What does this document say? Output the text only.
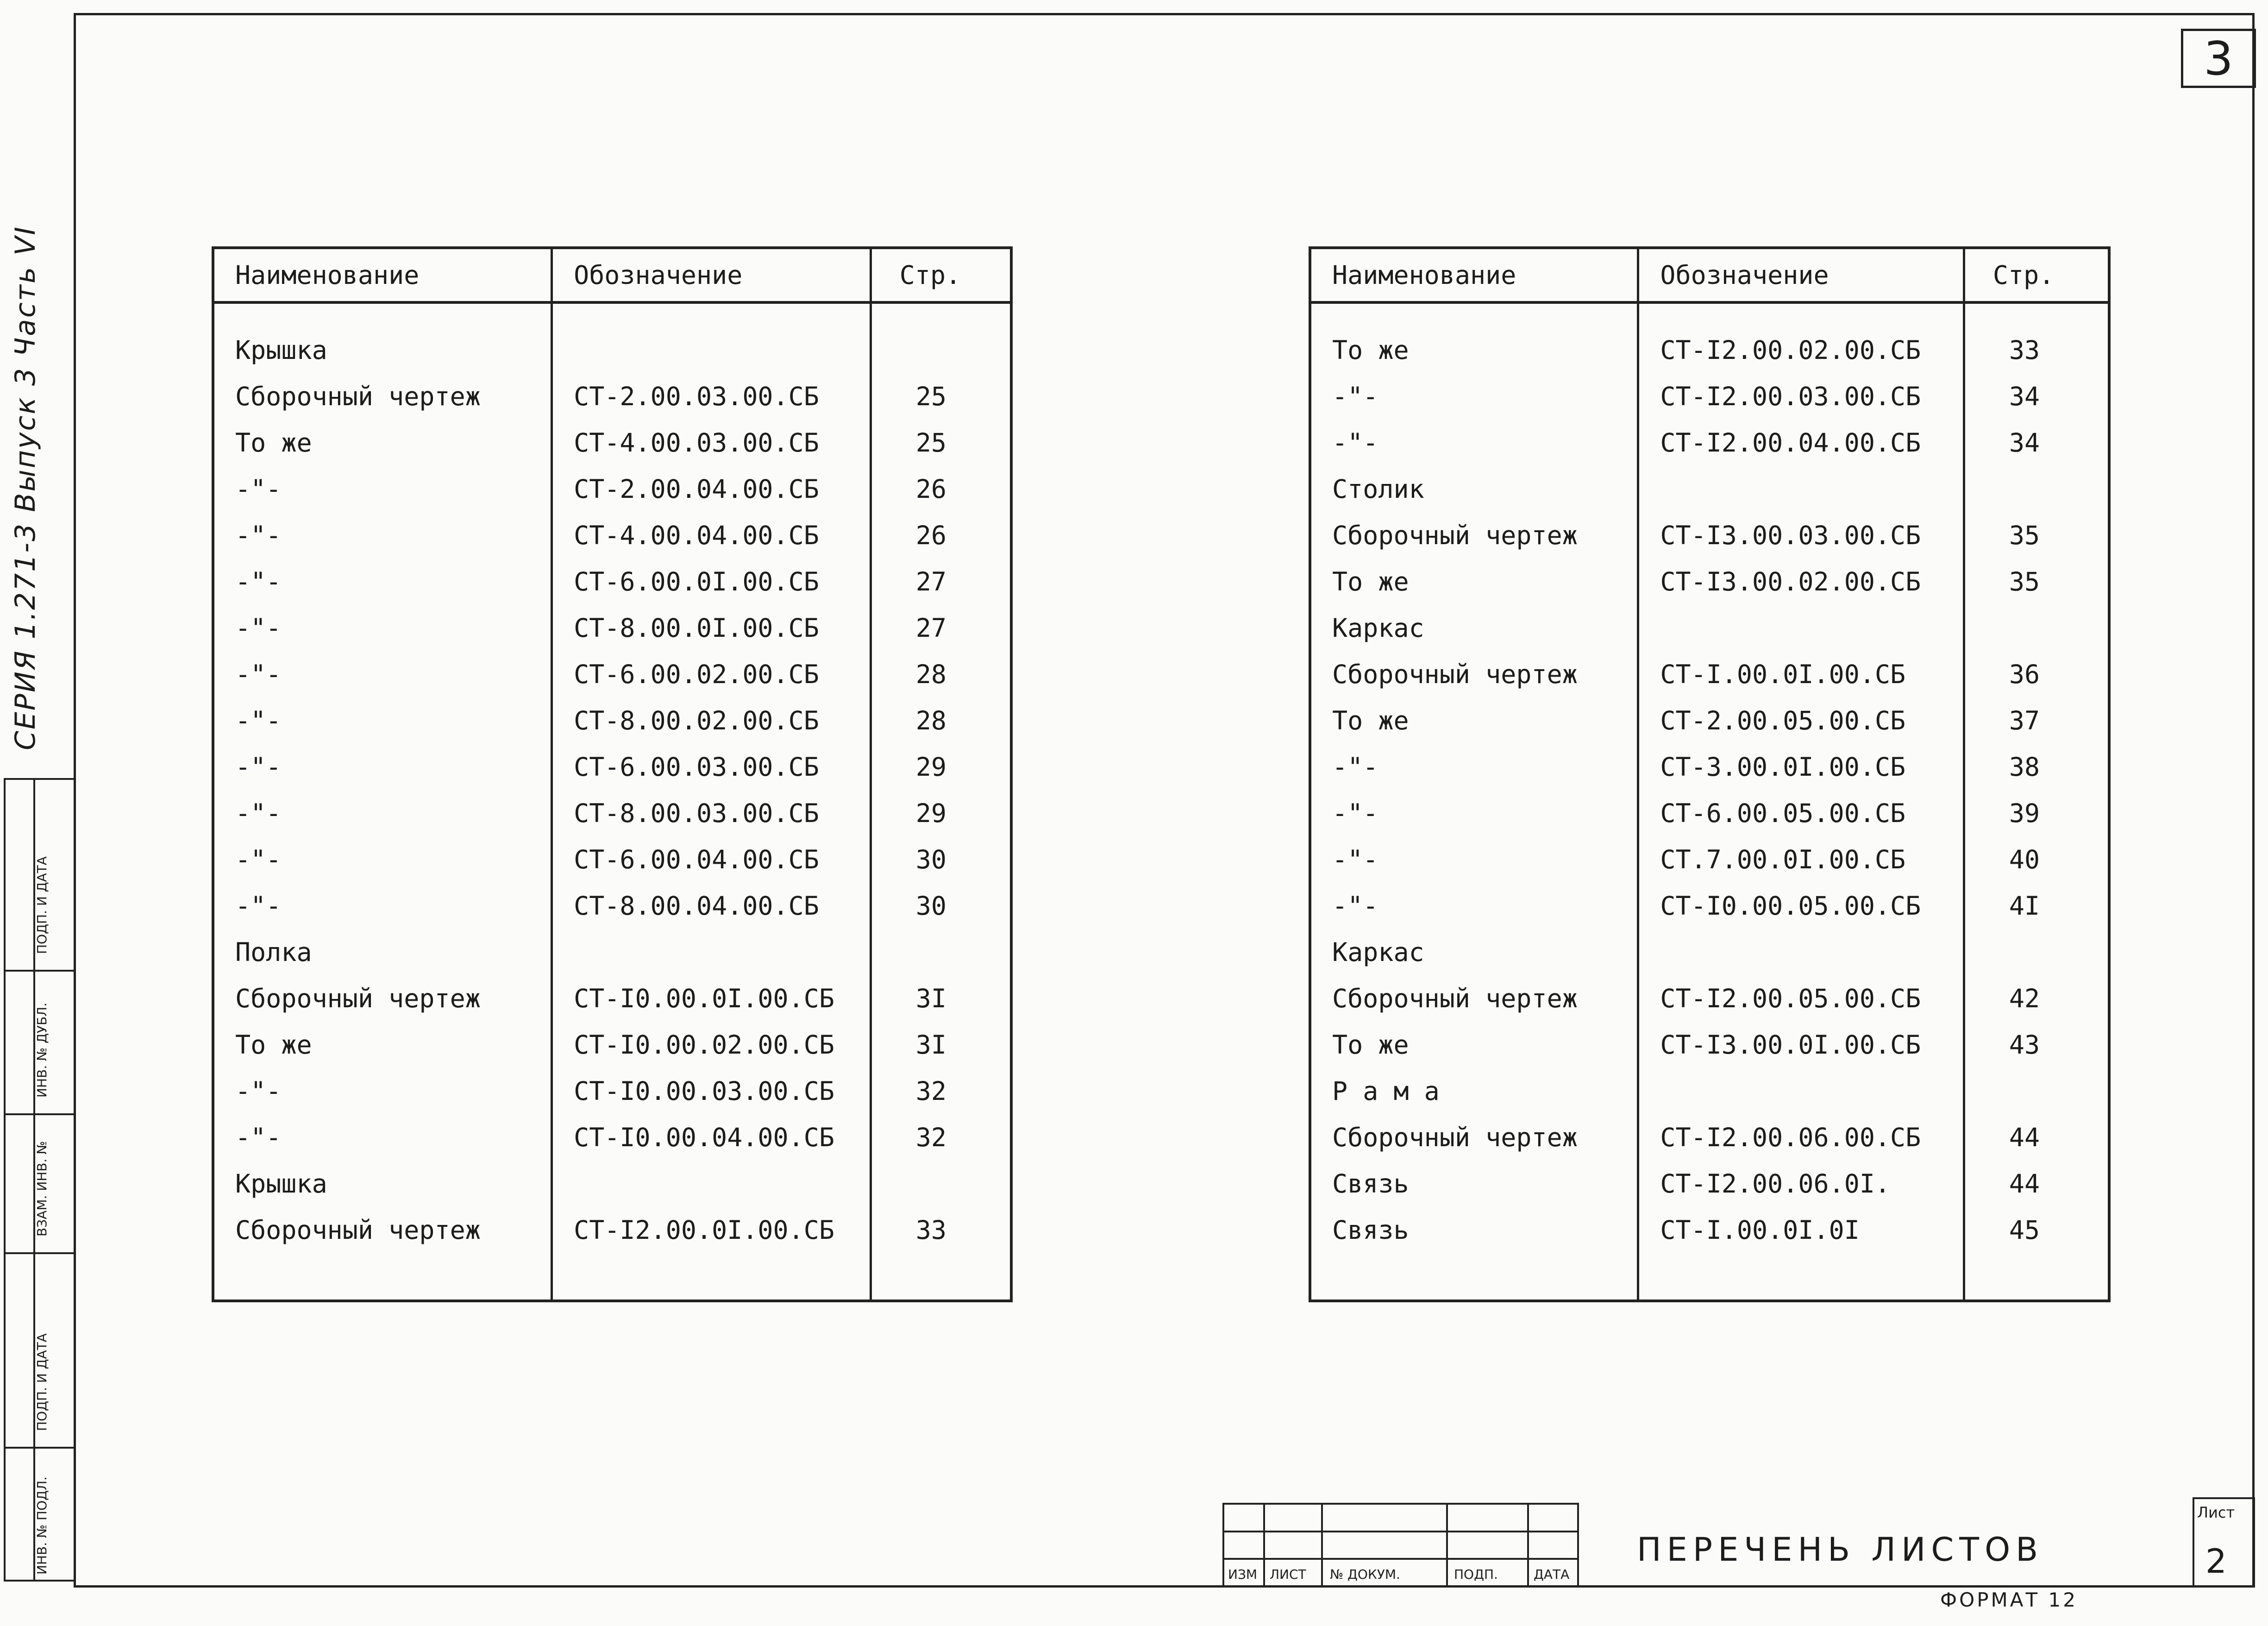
3
СЕРИЯ 1.271-3 Выпуск 3 Часть VI
ПОДП. И ДАТА
ИНВ. № ДУБЛ.
ВЗАМ. ИНВ. №
ПОДП. И ДАТА
ИНВ. № ПОДЛ.
Наименование	Обозначение	Стр.

Крышка		
Сборочный чертеж	СТ-2.00.03.00.СБ	25
То же	СТ-4.00.03.00.СБ	25
-"-	СТ-2.00.04.00.СБ	26
-"-	СТ-4.00.04.00.СБ	26
-"-	СТ-6.00.0I.00.СБ	27
-"-	СТ-8.00.0I.00.СБ	27
-"-	СТ-6.00.02.00.СБ	28
-"-	СТ-8.00.02.00.СБ	28
-"-	СТ-6.00.03.00.СБ	29
-"-	СТ-8.00.03.00.СБ	29
-"-	СТ-6.00.04.00.СБ	30
-"-	СТ-8.00.04.00.СБ	30
Полка		
Сборочный чертеж	СТ-I0.00.0I.00.СБ	3I
То же	СТ-I0.00.02.00.СБ	3I
-"-	СТ-I0.00.03.00.СБ	32
-"-	СТ-I0.00.04.00.СБ	32
Крышка		
Сборочный чертеж	СТ-I2.00.0I.00.СБ	33

Наименование	Обозначение	Стр.

То же	СТ-I2.00.02.00.СБ	33
-"-	СТ-I2.00.03.00.СБ	34
-"-	СТ-I2.00.04.00.СБ	34
Столик		
Сборочный чертеж	СТ-I3.00.03.00.СБ	35
То же	СТ-I3.00.02.00.СБ	35
Каркас		
Сборочный чертеж	СТ-I.00.0I.00.СБ	36
То же	СТ-2.00.05.00.СБ	37
-"-	СТ-3.00.0I.00.СБ	38
-"-	СТ-6.00.05.00.СБ	39
-"-	СТ.7.00.0I.00.СБ	40
-"-	СТ-I0.00.05.00.СБ	4I
Каркас		
Сборочный чертеж	СТ-I2.00.05.00.СБ	42
То же	СТ-I3.00.0I.00.СБ	43
Р а м а		
Сборочный чертеж	СТ-I2.00.06.00.СБ	44
Связь	СТ-I2.00.06.0I.	44
Связь	СТ-I.00.0I.0I	45

ИЗМ ЛИСТ № ДОКУМ.	ПОДП.	ДАТА
ПЕРЕЧЕНЬ ЛИСТОВ
Лист
2
ФОРМАТ 12
